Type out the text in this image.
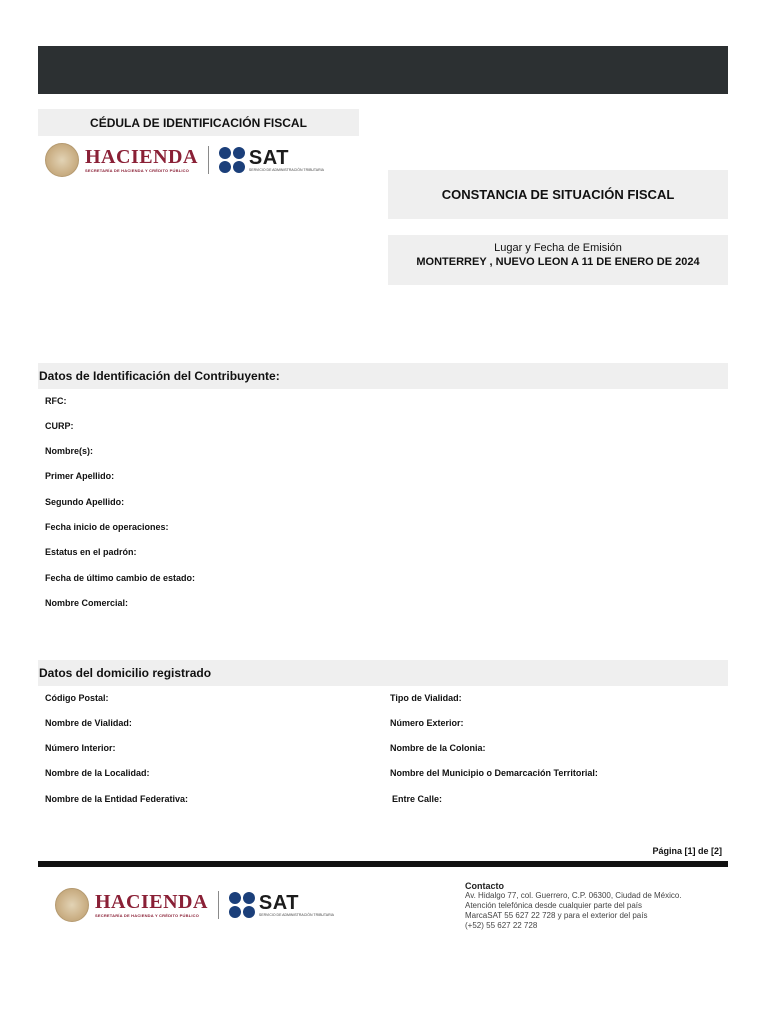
CÉDULA DE IDENTIFICACIÓN FISCAL
HACIENDA
SECRETARÍA DE HACIENDA Y CRÉDITO PÚBLICO
SAT
SERVICIO DE ADMINISTRACIÓN TRIBUTARIA
CONSTANCIA DE SITUACIÓN FISCAL
Lugar y Fecha de Emisión
MONTERREY , NUEVO LEON A 11 DE ENERO DE 2024
Datos de Identificación del Contribuyente:
RFC:
CURP:
Nombre(s):
Primer Apellido:
Segundo Apellido:
Fecha inicio de operaciones:
Estatus en el padrón:
Fecha de último cambio de estado:
Nombre Comercial:
Datos del domicilio registrado
Código Postal:
Nombre de Vialidad:
Número Interior:
Nombre de la Localidad:
Nombre de la Entidad Federativa:
Tipo de Vialidad:
Número Exterior:
Nombre de la Colonia:
Nombre del Municipio o Demarcación Territorial:
Entre Calle:
Página [1] de [2]
HACIENDA
SECRETARÍA DE HACIENDA Y CRÉDITO PÚBLICO
SAT
SERVICIO DE ADMINISTRACIÓN TRIBUTARIA
Contacto
Av. Hidalgo 77, col. Guerrero, C.P. 06300, Ciudad de México.
Atención telefónica desde cualquier parte del país
MarcaSAT 55 627 22 728 y para el exterior del país
(+52) 55 627 22 728
